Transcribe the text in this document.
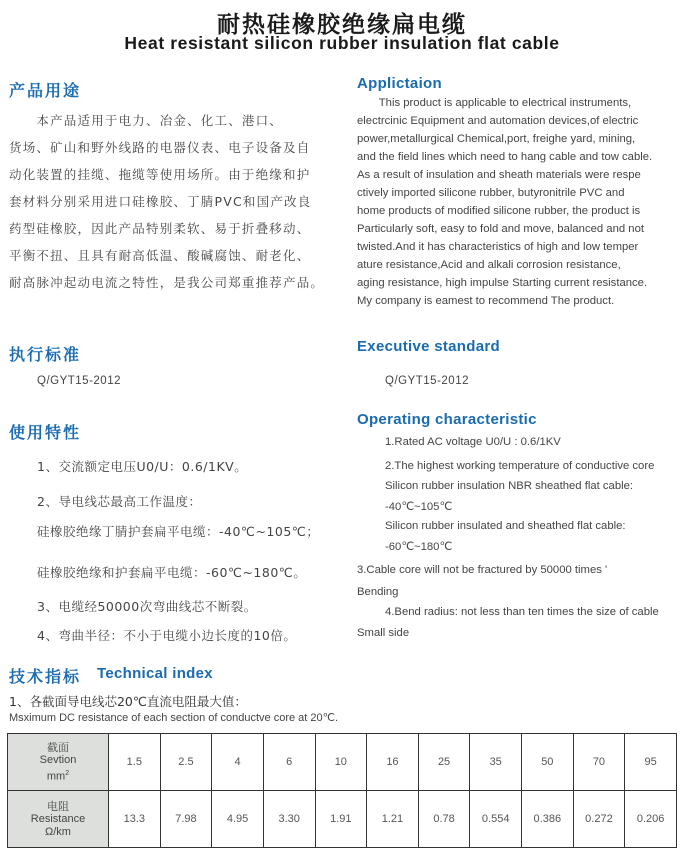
耐热硅橡胶绝缘扁电缆
Heat resistant silicon rubber insulation flat cable
产品用途
　　本产品适用于电力、冶金、化工、港口、
货场、矿山和野外线路的电器仪表、电子设备及自
动化装置的挂缆、拖缆等使用场所。由于绝缘和护
套材料分别采用进口硅橡胶、丁腈PVC和国产改良
药型硅橡胶，因此产品特别柔软、易于折叠移动、
平衡不扭、且具有耐高低温、酸碱腐蚀、耐老化、
耐高脉冲起动电流之特性，是我公司郑重推荐产品。
Applictaion
This product is applicable to electrical instruments,
electrcinic Equipment and automation devices,of electric
power,metallurgical Chemical,port, freighe yard, mining,
and the field lines which need to hang cable and tow cable.
As a result of insulation and sheath materials were respe
ctively imported silicone rubber, butyronitrile PVC and
home products of modified silicone rubber, the product is
Particularly soft, easy to fold and move, balanced and not
twisted.And it has characteristics of high and low temper
ature resistance,Acid and alkali corrosion resistance,
aging resistance, high impulse Starting current resistance.
My company is eamest to recommend The product.
执行标准
Q/GYT15-2012
Executive standard
Q/GYT15-2012
使用特性
1、交流额定电压U0/U：0.6/1KV。
2、导电线芯最高工作温度：
硅橡胶绝缘丁腈护套扁平电缆：-40℃~105℃；
硅橡胶绝缘和护套扁平电缆：-60℃~180℃。
3、电缆经50000次弯曲线芯不断裂。
4、弯曲半径：不小于电缆小边长度的10倍。
Operating characteristic
1.Rated AC voltage U0/U : 0.6/1KV
2.The highest working temperature of conductive core
Silicon rubber insulation NBR sheathed flat cable:
-40℃~105℃
Silicon rubber insulated and sheathed flat cable:
-60℃~180℃
3.Cable core will not be fractured by 50000 times '
Bending
4.Bend radius: not less than ten times the size of cable
Small side
技术指标 Technical index
1、各截面导电线芯20℃直流电阻最大值：
Msximum DC resistance of each section of conductve core at 20℃.
截面
Sevtion
$mm^2$	1.5	2.5	4	6	10	16	25	35	50	70	95

电阻
Resistance
Ω/km	13.3	7.98	4.95	3.30	1.91	1.21	0.78	0.554	0.386	0.272	0.206
